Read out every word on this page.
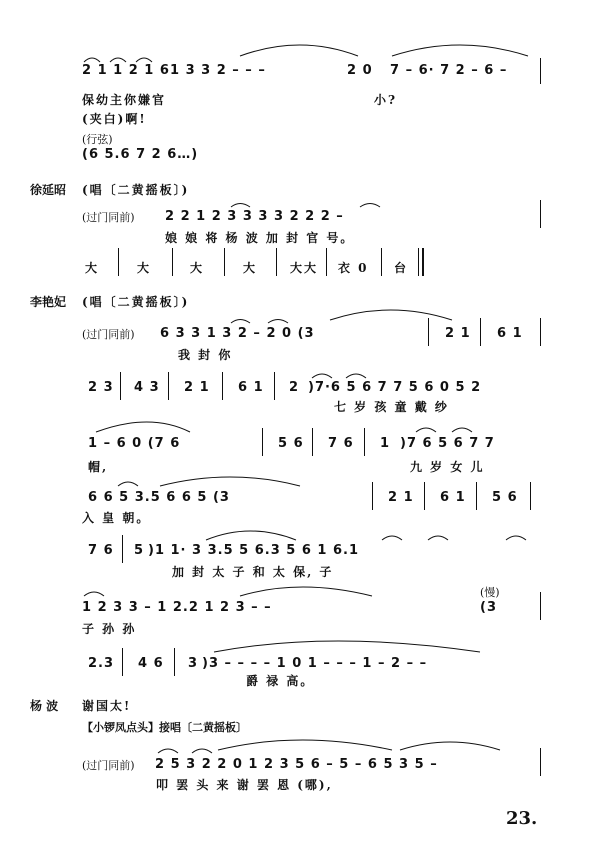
2 1 1 2 1 6 1 3 3 2 – – –	2 0 7 – 6· 7 2 – 6 –
保幼主你嫌官	小?
(夹白)啊!
(行弦)
(6 5.6 7 2 6…)
徐延昭 (唱〔二黄摇板〕)
(过门同前) 2 2 1 2 3 3 3 3 2 2 2 –
娘 娘 将 杨 波 加 封 官 号。
大	大	大	大	大大 衣 0 台
李艳妃 (唱〔二黄摇板〕)
(过门同前) 6 3 3 1 3 2 – 2 0 (3	2 1 6 1
我 封 你
2 3 4 3 2 1 6 1 2 )7·6 5 6 7 7 5 6 0 5 2
七 岁 孩 童 戴 纱
1 – 6 0 (7 6	5 6 7 6 1 )7 6 5 6 7 7
帽,	九 岁 女 儿
6 6 5 3.5 6 6 5 (3	2 1 6 1 5 6
入 皇 朝。
7 6 5 )1 1· 3 3.5 5 6.3 5 6 1 6.1
加 封 太 子 和 太 保, 子
1 2 3 3 – 1 2.2 1 2 3 – –
(慢)
(3
子 孙 孙
2.3 4 6 3 )3 – – – – 1 0 1 – – – 1 – 2 – –
爵 禄 高。
杨 波 谢国太!
【小锣凤点头】接唱〔二黄摇板〕
(过门同前) 2 5 3 2 2 0 1 2 3 5 6 – 5 – 6 5 3 5 –
叩 罢 头 来 谢 罢 恩 (哪),
23.
